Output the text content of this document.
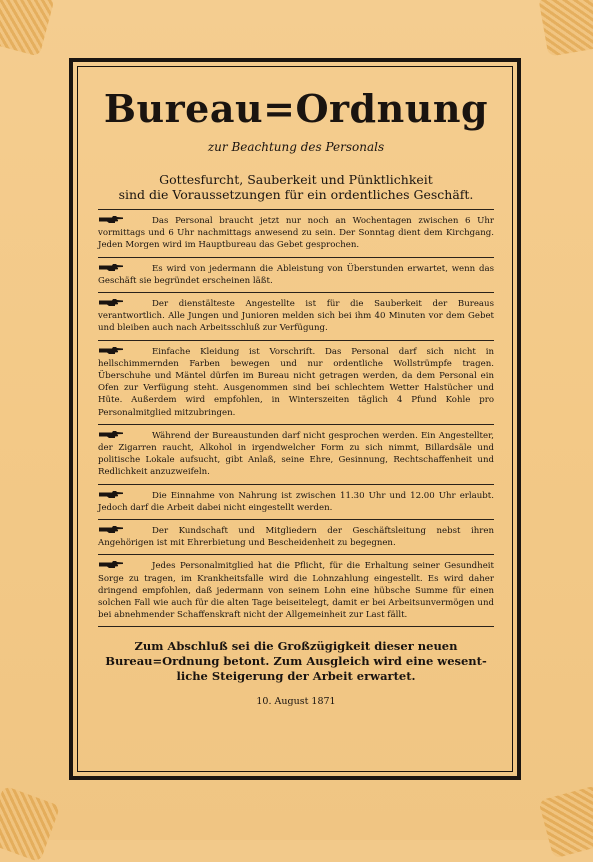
Bureau=Ordnung
zur Beachtung des Personals
Gottesfurcht, Sauberkeit und Pünktlichkeit
sind die Voraussetzungen für ein ordentliches Geschäft.
Das Personal braucht jetzt nur noch an Wochentagen zwischen 6 Uhr vormittags und 6 Uhr nachmittags anwesend zu sein. Der Sonntag dient dem Kirchgang. Jeden Morgen wird im Hauptbureau das Gebet gesprochen.
Es wird von jedermann die Ableistung von Überstunden erwartet, wenn das Geschäft sie begründet erscheinen läßt.
Der dienstälteste Angestellte ist für die Sauberkeit der Bureaus verantwortlich. Alle Jungen und Junioren melden sich bei ihm 40 Minuten vor dem Gebet und bleiben auch nach Arbeitsschluß zur Verfügung.
Einfache Kleidung ist Vorschrift. Das Personal darf sich nicht in hellschimmernden Farben bewegen und nur ordentliche Wollstrümpfe tragen. Überschuhe und Mäntel dürfen im Bureau nicht getragen werden, da dem Personal ein Ofen zur Verfügung steht. Ausgenommen sind bei schlechtem Wetter Halstücher und Hüte. Außerdem wird empfohlen, in Winterszeiten täglich 4 Pfund Kohle pro Personalmitglied mitzubringen.
Während der Bureaustunden darf nicht gesprochen werden. Ein Angestellter, der Zigarren raucht, Alkohol in irgendwelcher Form zu sich nimmt, Billardsäle und politische Lokale aufsucht, gibt Anlaß, seine Ehre, Gesinnung, Rechtschaffenheit und Redlichkeit anzuzweifeln.
Die Einnahme von Nahrung ist zwischen 11.30 Uhr und 12.00 Uhr erlaubt. Jedoch darf die Arbeit dabei nicht eingestellt werden.
Der Kundschaft und Mitgliedern der Geschäftsleitung nebst ihren Angehörigen ist mit Ehrerbietung und Bescheidenheit zu begegnen.
Jedes Personalmitglied hat die Pflicht, für die Erhaltung seiner Gesundheit Sorge zu tragen, im Krankheitsfalle wird die Lohnzahlung eingestellt. Es wird daher dringend empfohlen, daß jedermann von seinem Lohn eine hübsche Summe für einen solchen Fall wie auch für die alten Tage beiseitelegt, damit er bei Arbeitsunvermögen und bei abnehmender Schaffenskraft nicht der Allgemeinheit zur Last fällt.
Zum Abschluß sei die Großzügigkeit dieser neuen
Bureau=Ordnung betont. Zum Ausgleich wird eine wesent-
liche Steigerung der Arbeit erwartet.
10. August 1871
